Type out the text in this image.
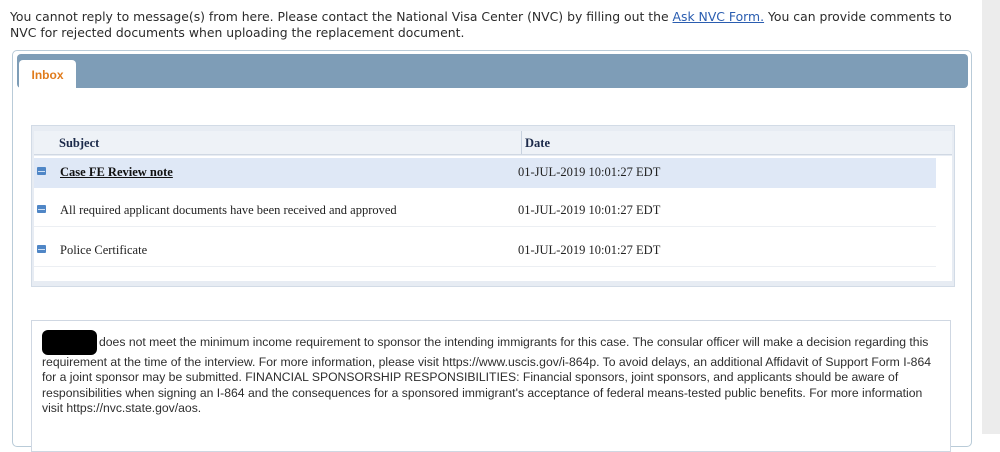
You cannot reply to message(s) from here. Please contact the National Visa Center (NVC) by filling out the Ask NVC Form. You can provide comments to NVC for rejected documents when uploading the replacement document.
Inbox
Subject	Date
Case FE Review note	01-JUL-2019 10:01:27 EDT
All required applicant documents have been received and approved	01-JUL-2019 10:01:27 EDT
Police Certificate	01-JUL-2019 10:01:27 EDT
does not meet the minimum income requirement to sponsor the intending immigrants for this case. The consular officer will make a decision regarding this requirement at the time of the interview. For more information, please visit https://www.uscis.gov/i-864p. To avoid delays, an additional Affidavit of Support Form I-864 for a joint sponsor may be submitted. FINANCIAL SPONSORSHIP RESPONSIBILITIES: Financial sponsors, joint sponsors, and applicants should be aware of responsibilities when signing an I-864 and the consequences for a sponsored immigrant's acceptance of federal means-tested public benefits. For more information visit https://nvc.state.gov/aos.
